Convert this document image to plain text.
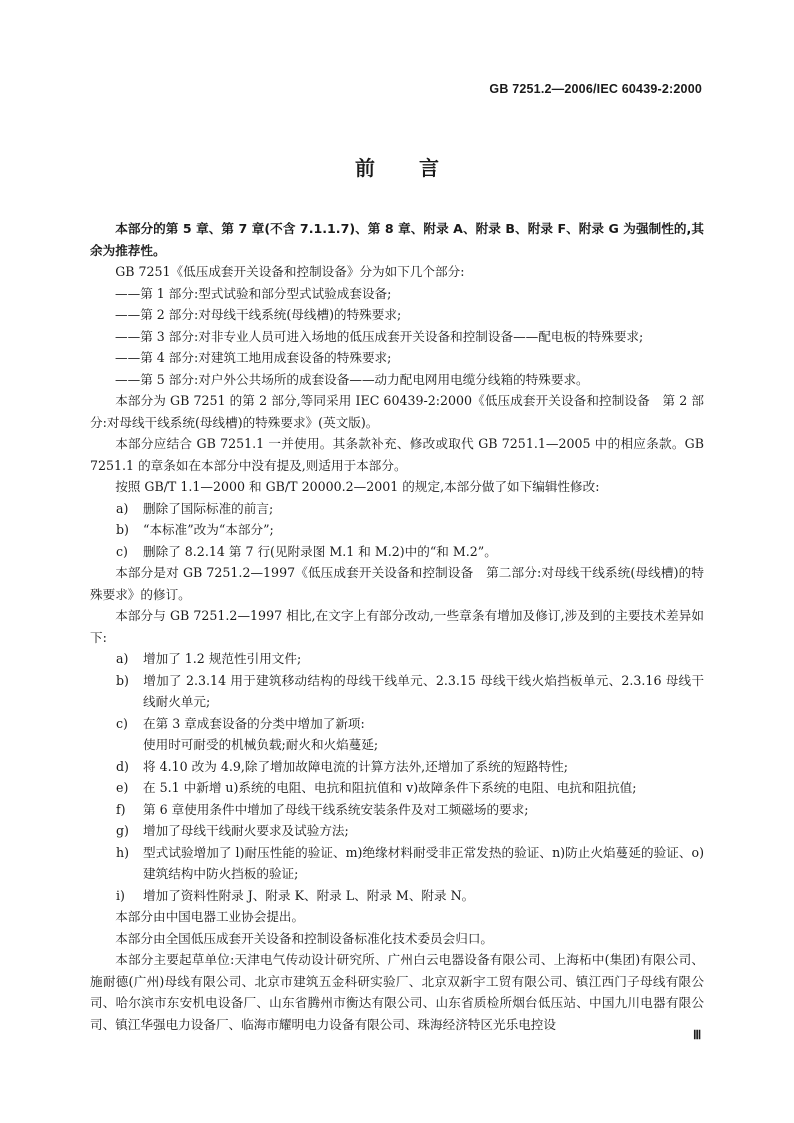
GB 7251.2—2006/IEC 60439-2:2000
前 言

本部分的第 5 章、第 7 章(不含 7.1.1.7)、第 8 章、附录 A、附录 B、附录 F、附录 G 为强制性的,其余为推荐性。

GB 7251《低压成套开关设备和控制设备》分为如下几个部分:

——第 1 部分:型式试验和部分型式试验成套设备;

——第 2 部分:对母线干线系统(母线槽)的特殊要求;

——第 3 部分:对非专业人员可进入场地的低压成套开关设备和控制设备——配电板的特殊要求;

——第 4 部分:对建筑工地用成套设备的特殊要求;

——第 5 部分:对户外公共场所的成套设备——动力配电网用电缆分线箱的特殊要求。

本部分为 GB 7251 的第 2 部分,等同采用 IEC 60439-2:2000《低压成套开关设备和控制设备　第 2 部分:对母线干线系统(母线槽)的特殊要求》(英文版)。

本部分应结合 GB 7251.1 一并使用。其条款补充、修改或取代 GB 7251.1—2005 中的相应条款。GB 7251.1 的章条如在本部分中没有提及,则适用于本部分。

按照 GB/T 1.1—2000 和 GB/T 20000.2—2001 的规定,本部分做了如下编辑性修改:

a) 删除了国际标准的前言;

b) “本标准”改为“本部分”;

c) 删除了 8.2.14 第 7 行(见附录图 M.1 和 M.2)中的“和 M.2”。

本部分是对 GB 7251.2—1997《低压成套开关设备和控制设备　第二部分:对母线干线系统(母线槽)的特殊要求》的修订。

本部分与 GB 7251.2—1997 相比,在文字上有部分改动,一些章条有增加及修订,涉及到的主要技术差异如下:

a) 增加了 1.2 规范性引用文件;

b) 增加了 2.3.14 用于建筑移动结构的母线干线单元、2.3.15 母线干线火焰挡板单元、2.3.16 母线干线耐火单元;

c) 在第 3 章成套设备的分类中增加了新项:

使用时可耐受的机械负载;耐火和火焰蔓延;

d) 将 4.10 改为 4.9,除了增加故障电流的计算方法外,还增加了系统的短路特性;

e) 在 5.1 中新增 u)系统的电阻、电抗和阻抗值和 v)故障条件下系统的电阻、电抗和阻抗值;

f) 第 6 章使用条件中增加了母线干线系统安装条件及对工频磁场的要求;

g) 增加了母线干线耐火要求及试验方法;

h) 型式试验增加了 l)耐压性能的验证、m)绝缘材料耐受非正常发热的验证、n)防止火焰蔓延的验证、o)建筑结构中防火挡板的验证;

i) 增加了资料性附录 J、附录 K、附录 L、附录 M、附录 N。

本部分由中国电器工业协会提出。

本部分由全国低压成套开关设备和控制设备标准化技术委员会归口。

本部分主要起草单位:天津电气传动设计研究所、广州白云电器设备有限公司、上海柘中(集团)有限公司、施耐德(广州)母线有限公司、北京市建筑五金科研实验厂、北京双新宇工贸有限公司、镇江西门子母线有限公司、哈尔滨市东安机电设备厂、山东省腾州市衡达有限公司、山东省质检所烟台低压站、中国九川电器有限公司、镇江华强电力设备厂、临海市耀明电力设备有限公司、珠海经济特区光乐电控设

Ⅲ
